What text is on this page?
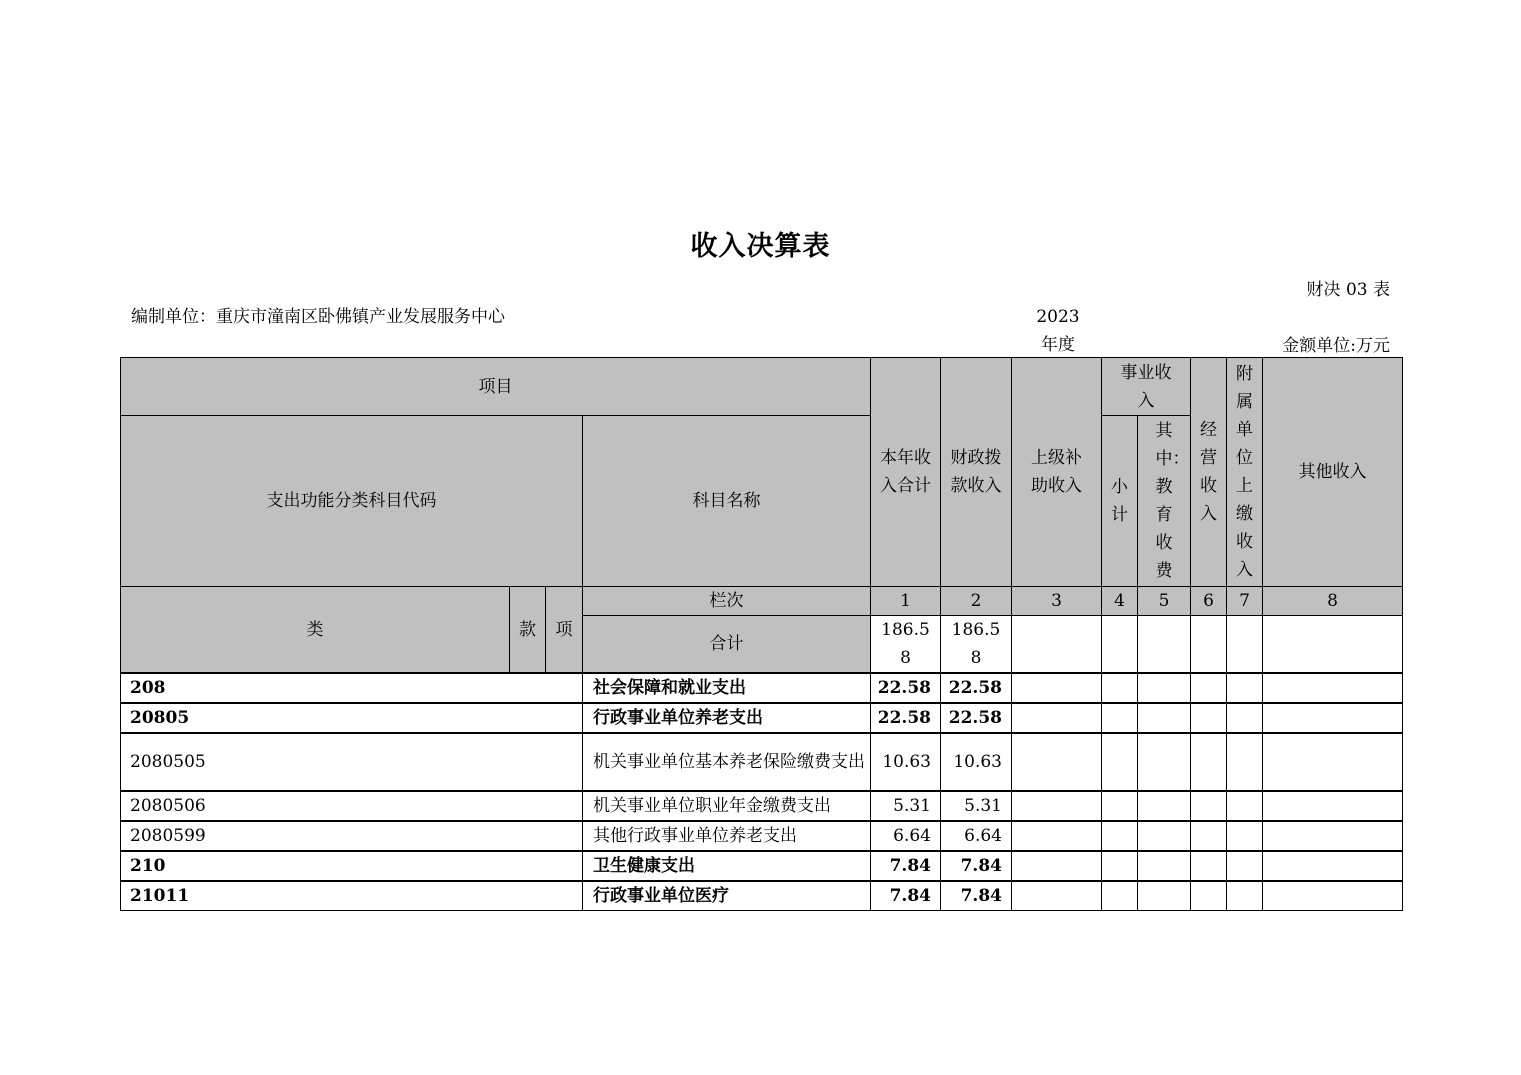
收入决算表
财决 03 表
编制单位：重庆市潼南区卧佛镇产业发展服务中心	2023 年度	金额单位:万元
项目				本年收入合计	财政拨款收入	上级补助收入	事业收入		经营收入	附属单位上缴收入	其他收入
支出功能分类科目代码			科目名称				小计	其中：教育收费			
类	款	项	栏次	1	2	3	4	5	6	7	8
			合计	186.58	186.58						
208			社会保障和就业支出	22.58	22.58						
20805			行政事业单位养老支出	22.58	22.58						
2080505			机关事业单位基本养老保险缴费支出	10.63	10.63						
2080506			机关事业单位职业年金缴费支出	5.31	5.31						
2080599			其他行政事业单位养老支出	6.64	6.64						
210			卫生健康支出	7.84	7.84						
21011			行政事业单位医疗	7.84	7.84						
